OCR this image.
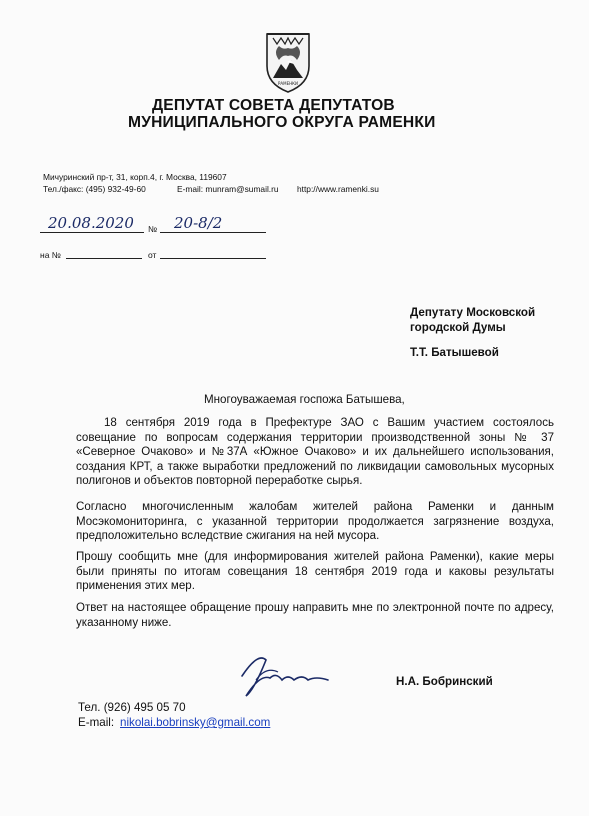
РАМЕНКИ
ДЕПУТАТ СОВЕТА ДЕПУТАТОВ
МУНИЦИПАЛЬНОГО ОКРУГА РАМЕНКИ
Мичуринский пр-т, 31, корп.4, г. Москва, 119607
Тел./факс: (495) 932-49-60	E-mail: munram@sumail.ru http://www.ramenki.su
20.08.2020 № 20-8/2
на №	от
Депутату Московской
городской Думы
Т.Т. Батышевой
Многоуважаемая госпожа Батышева,

18 сентября 2019 года в Префектуре ЗАО с Вашим участием состоялось совещание по вопросам содержания территории производственной зоны № 37 «Северное Очаково» и №37А «Южное Очаково» и их дальнейшего использования, создания КРТ, а также выработки предложений по ликвидации самовольных мусорных полигонов и объектов повторной переработке сырья.

Согласно многочисленным жалобам жителей района Раменки и данным Мосэкомониторинга, с указанной территории продолжается загрязнение воздуха, предположительно вследствие сжигания на ней мусора.

Прошу сообщить мне (для информирования жителей района Раменки), какие меры были приняты по итогам совещания 18 сентября 2019 года и каковы результаты применения этих мер.

Ответ на настоящее обращение прошу направить мне по электронной почте по адресу, указанному ниже.

Н.А. Бобринский
Тел. (926) 495 05 70
E-mail: nikolai.bobrinsky@gmail.com
